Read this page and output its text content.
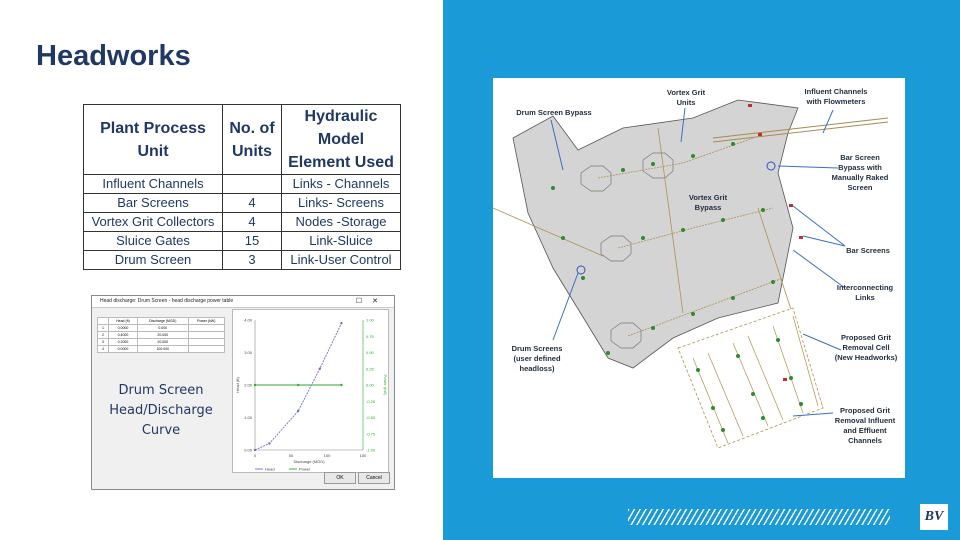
Headworks
Plant Process Unit	No. of Units	Hydraulic Model Element Used
Influent Channels		Links - Channels
Bar Screens	4	Links- Screens
Vortex Grit Collectors	4	Nodes -Storage
Sluice Gates	15	Link-Sluice
Drum Screen	3	Link-User Control
Head discharge: Drum Screen - head discharge power table	☐✕
	Head (ft)	Discharge (MGD)	Power (kW)
1	0.0000	0.000	
2	0.4000	20.000	
3	0.2000	20.000	
4	0.0000	100.000	
Drum Screen Head/Discharge Curve
0.00
1.00
2.00
3.00
4.00
-1.00
-0.75
-0.50
-0.25
0.00
0.25
0.50
0.75
1.00
0	50	100	150
Discharge (MGD)
Head (ft)	Power (kW)
Head	Power
OK	Cancel
Drum Screen Bypass
Vortex Grit Units
Influent Channels with Flowmeters
Bar Screen Bypass with Manually Raked Screen
Vortex Grit Bypass
Bar Screens
Interconnecting Links
Drum Screens (user defined headloss)
Proposed Grit Removal Cell (New Headworks)
Proposed Grit Removal Influent and Effluent Channels
BV
